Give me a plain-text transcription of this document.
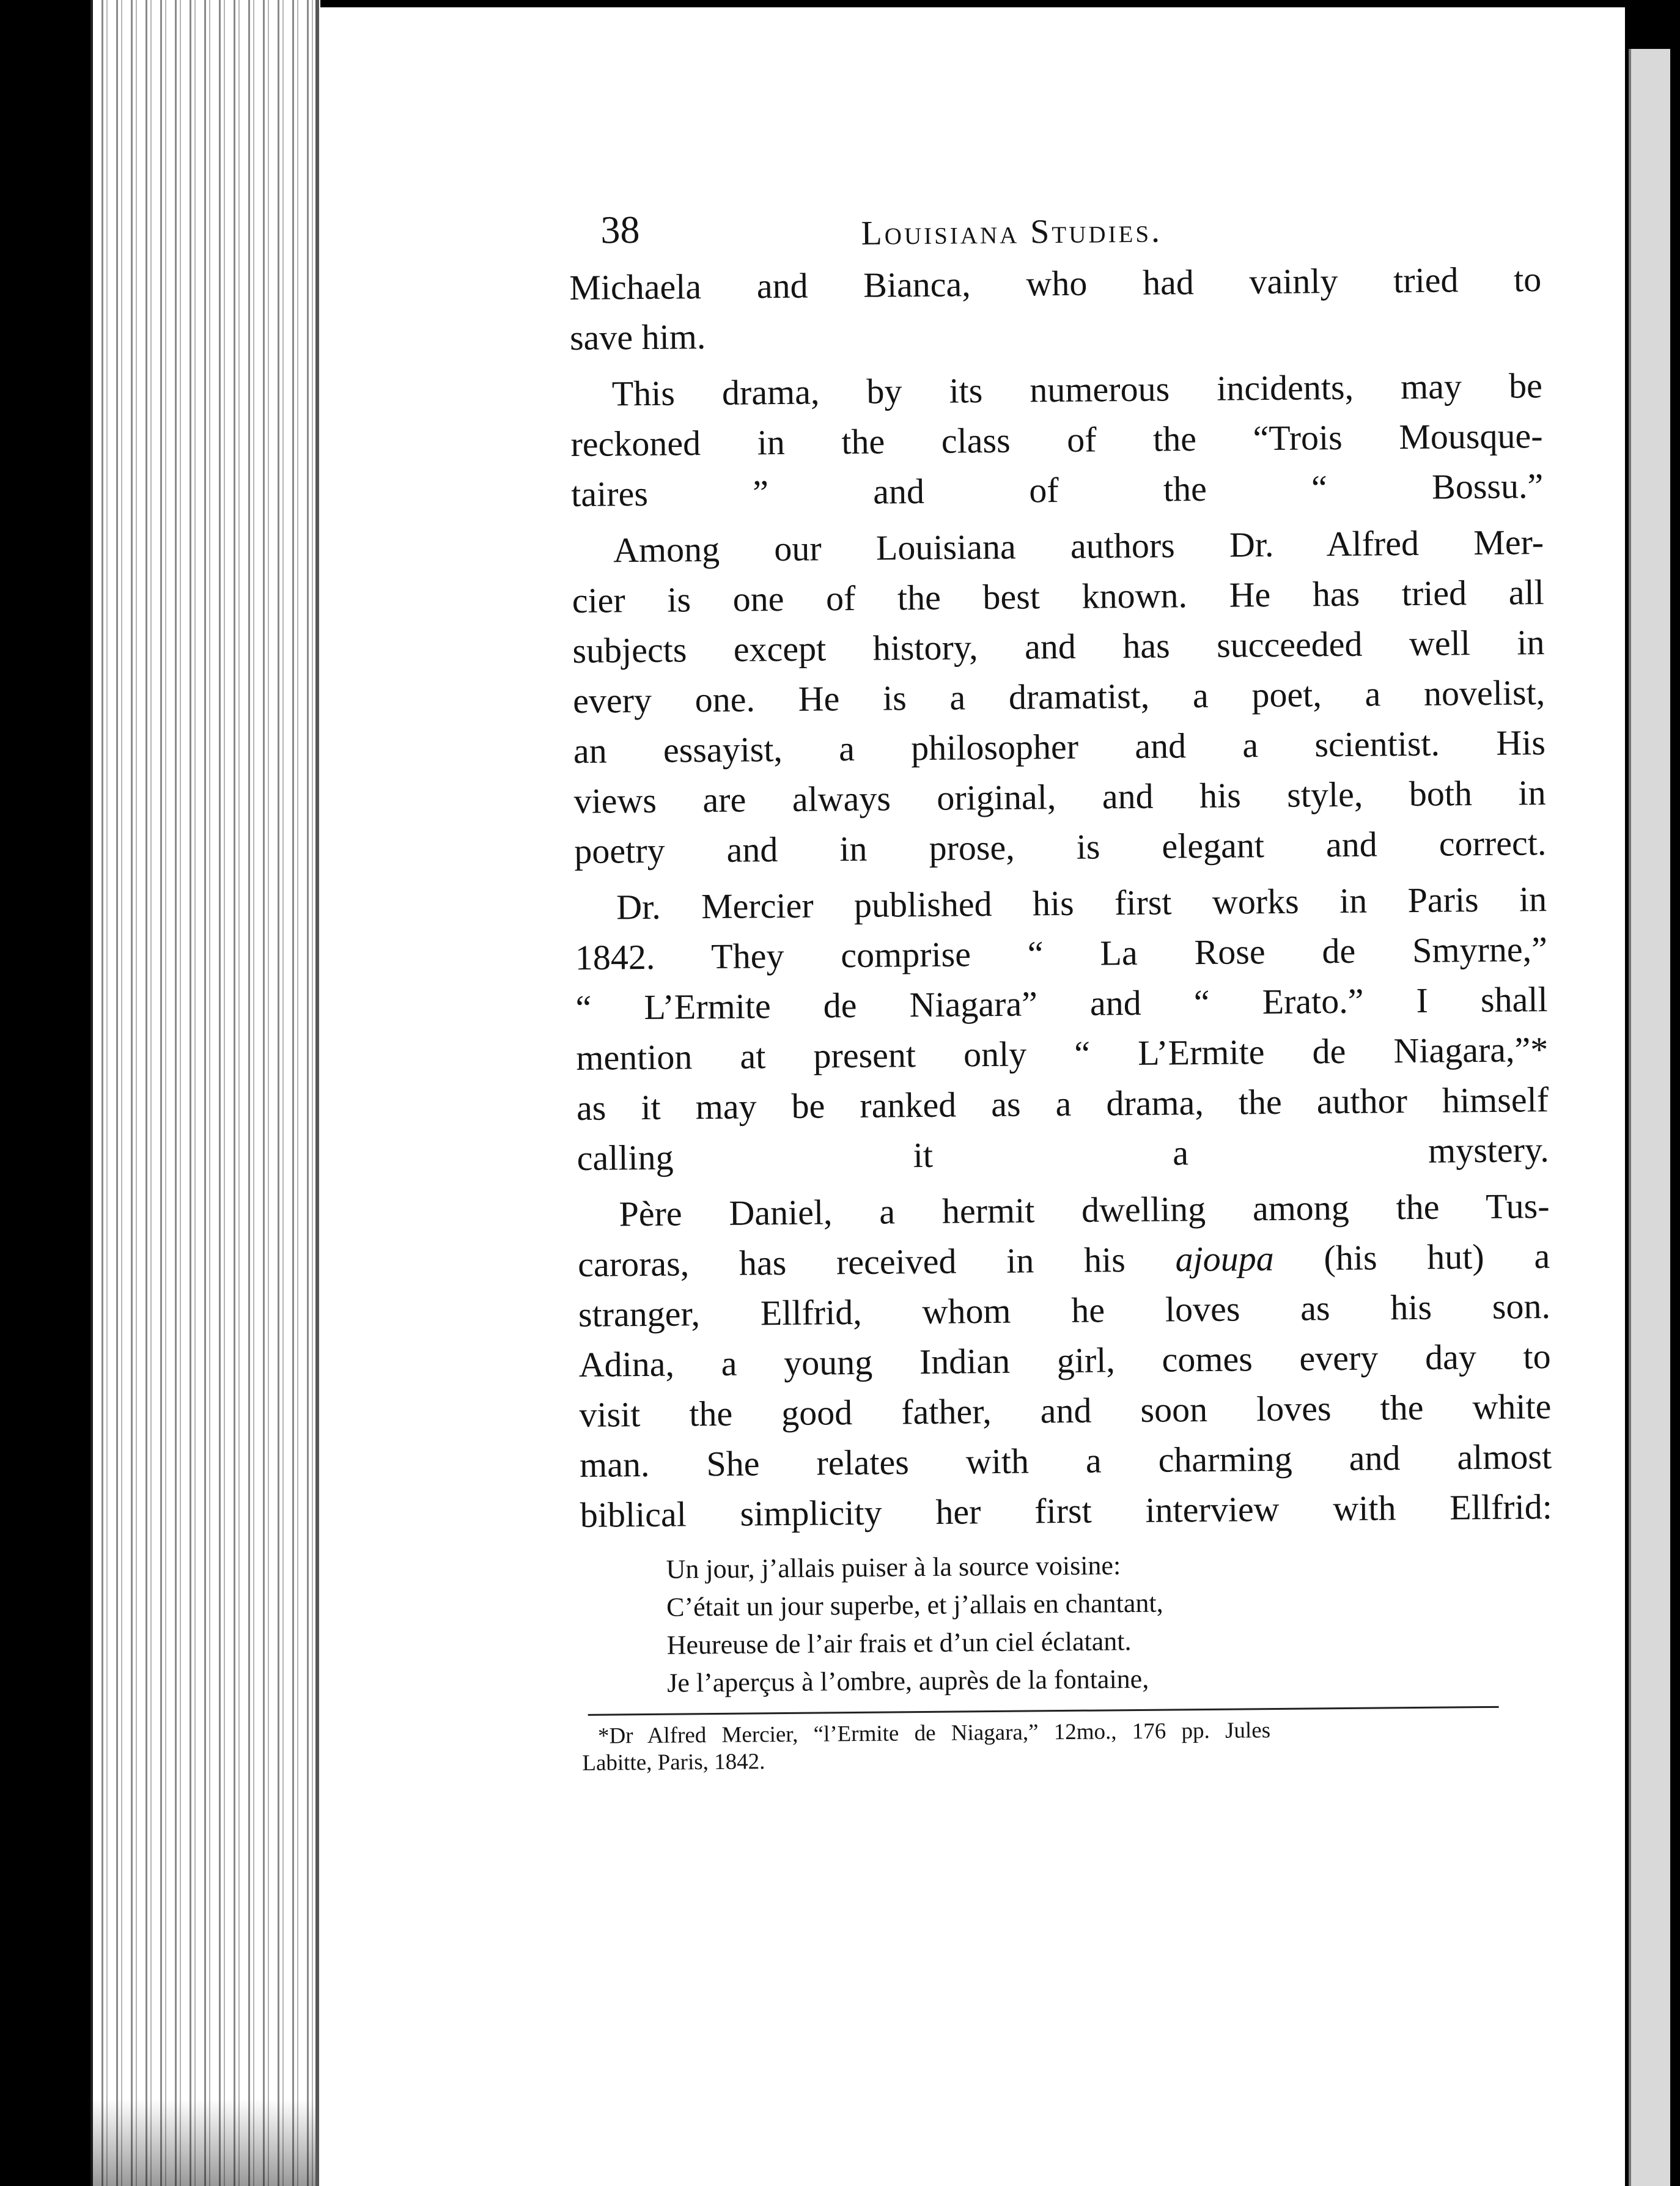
38	Louisiana Studies.

Michaela and Bianca, who had vainly tried to
save him.

This drama, by its numerous incidents, may be
reckoned in the class of the “Trois Mousque-
taires ” and of the “ Bossu.”

Among our Louisiana authors Dr. Alfred Mer-
cier is one of the best known. He has tried all
subjects except history, and has succeeded well in
every one. He is a dramatist, a poet, a novelist,
an essayist, a philosopher and a scientist. His
views are always original, and his style, both in
poetry and in prose, is elegant and correct.

Dr. Mercier published his first works in Paris in
1842. They comprise “ La Rose de Smyrne,”
“ L’Ermite de Niagara” and “ Erato.” I shall
mention at present only “ L’Ermite de Niagara,”*
as it may be ranked as a drama, the author himself
calling it a mystery.

Père Daniel, a hermit dwelling among the Tus-
caroras, has received in his ajoupa (his hut) a
stranger, Ellfrid, whom he loves as his son.
Adina, a young Indian girl, comes every day to
visit the good father, and soon loves the white
man. She relates with a charming and almost
biblical simplicity her first interview with Ellfrid:

Un jour, j’allais puiser à la source voisine:
C’était un jour superbe, et j’allais en chantant,
Heureuse de l’air frais et d’un ciel éclatant.
Je l’aperçus à l’ombre, auprès de la fontaine,
*Dr Alfred Mercier, “l’Ermite de Niagara,” 12mo., 176 pp. Jules
Labitte, Paris, 1842.
